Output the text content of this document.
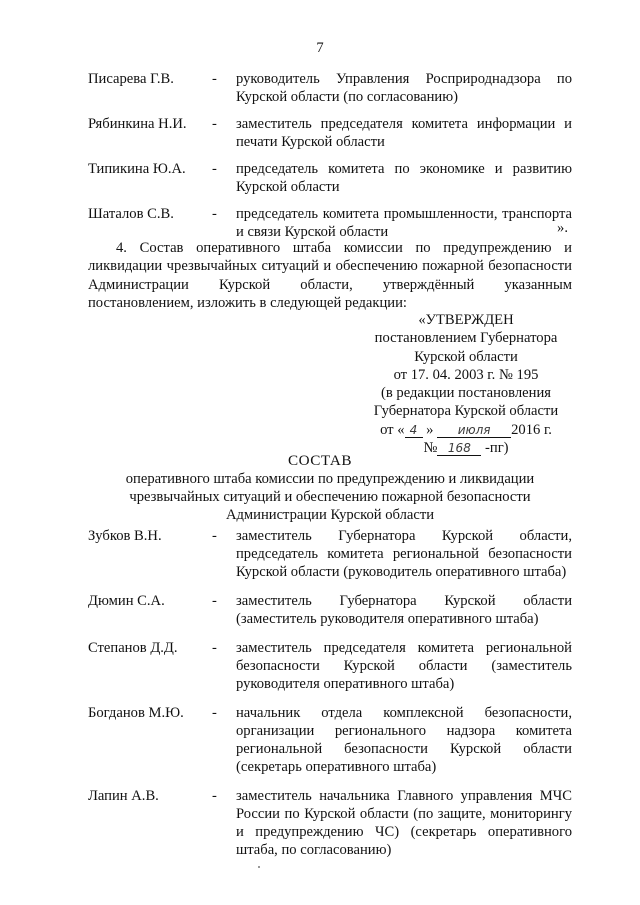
7
Писарева Г.В.	-	руководитель Управления Росприроднадзора по Курской области (по согласованию)
Рябинкина Н.И.	-	заместитель председателя комитета информации и печати Курской области
Типикина Ю.А.	-	председатель комитета по экономике и развитию Курской области
Шаталов С.В.	-	председатель комитета промышленности, транспорта и связи Курской области	».
4. Состав оперативного штаба комиссии по предупреждению и ликвидации чрезвычайных ситуаций и обеспечению пожарной безопасности Администрации Курской области, утверждённый указанным постановлением, изложить в следующей редакции:
«УТВЕРЖДЕН
постановлением Губернатора
Курской области
от 17. 04. 2003 г. № 195
(в редакции постановления
Губернатора Курской области
от « 4 » июля 2016 г.
№ 168 -пг)
СОСТАВ
оперативного штаба комиссии по предупреждению и ликвидации чрезвычайных ситуаций и обеспечению пожарной безопасности Администрации Курской области
Зубков В.Н.	-	заместитель Губернатора Курской области, председатель комитета региональной безопасности Курской области (руководитель оперативного штаба)
Дюмин С.А.	-	заместитель Губернатора Курской области (заместитель руководителя оперативного штаба)
Степанов Д.Д.	-	заместитель председателя комитета региональной безопасности Курской области (заместитель руководителя оперативного штаба)
Богданов М.Ю.	-	начальник отдела комплексной безопасности, организации регионального надзора комитета региональной безопасности Курской области (секретарь оперативного штаба)
Лапин А.В.	-	заместитель начальника Главного управления МЧС России по Курской области (по защите, мониторингу и предупреждению ЧС) (секретарь оперативного штаба, по согласованию)
